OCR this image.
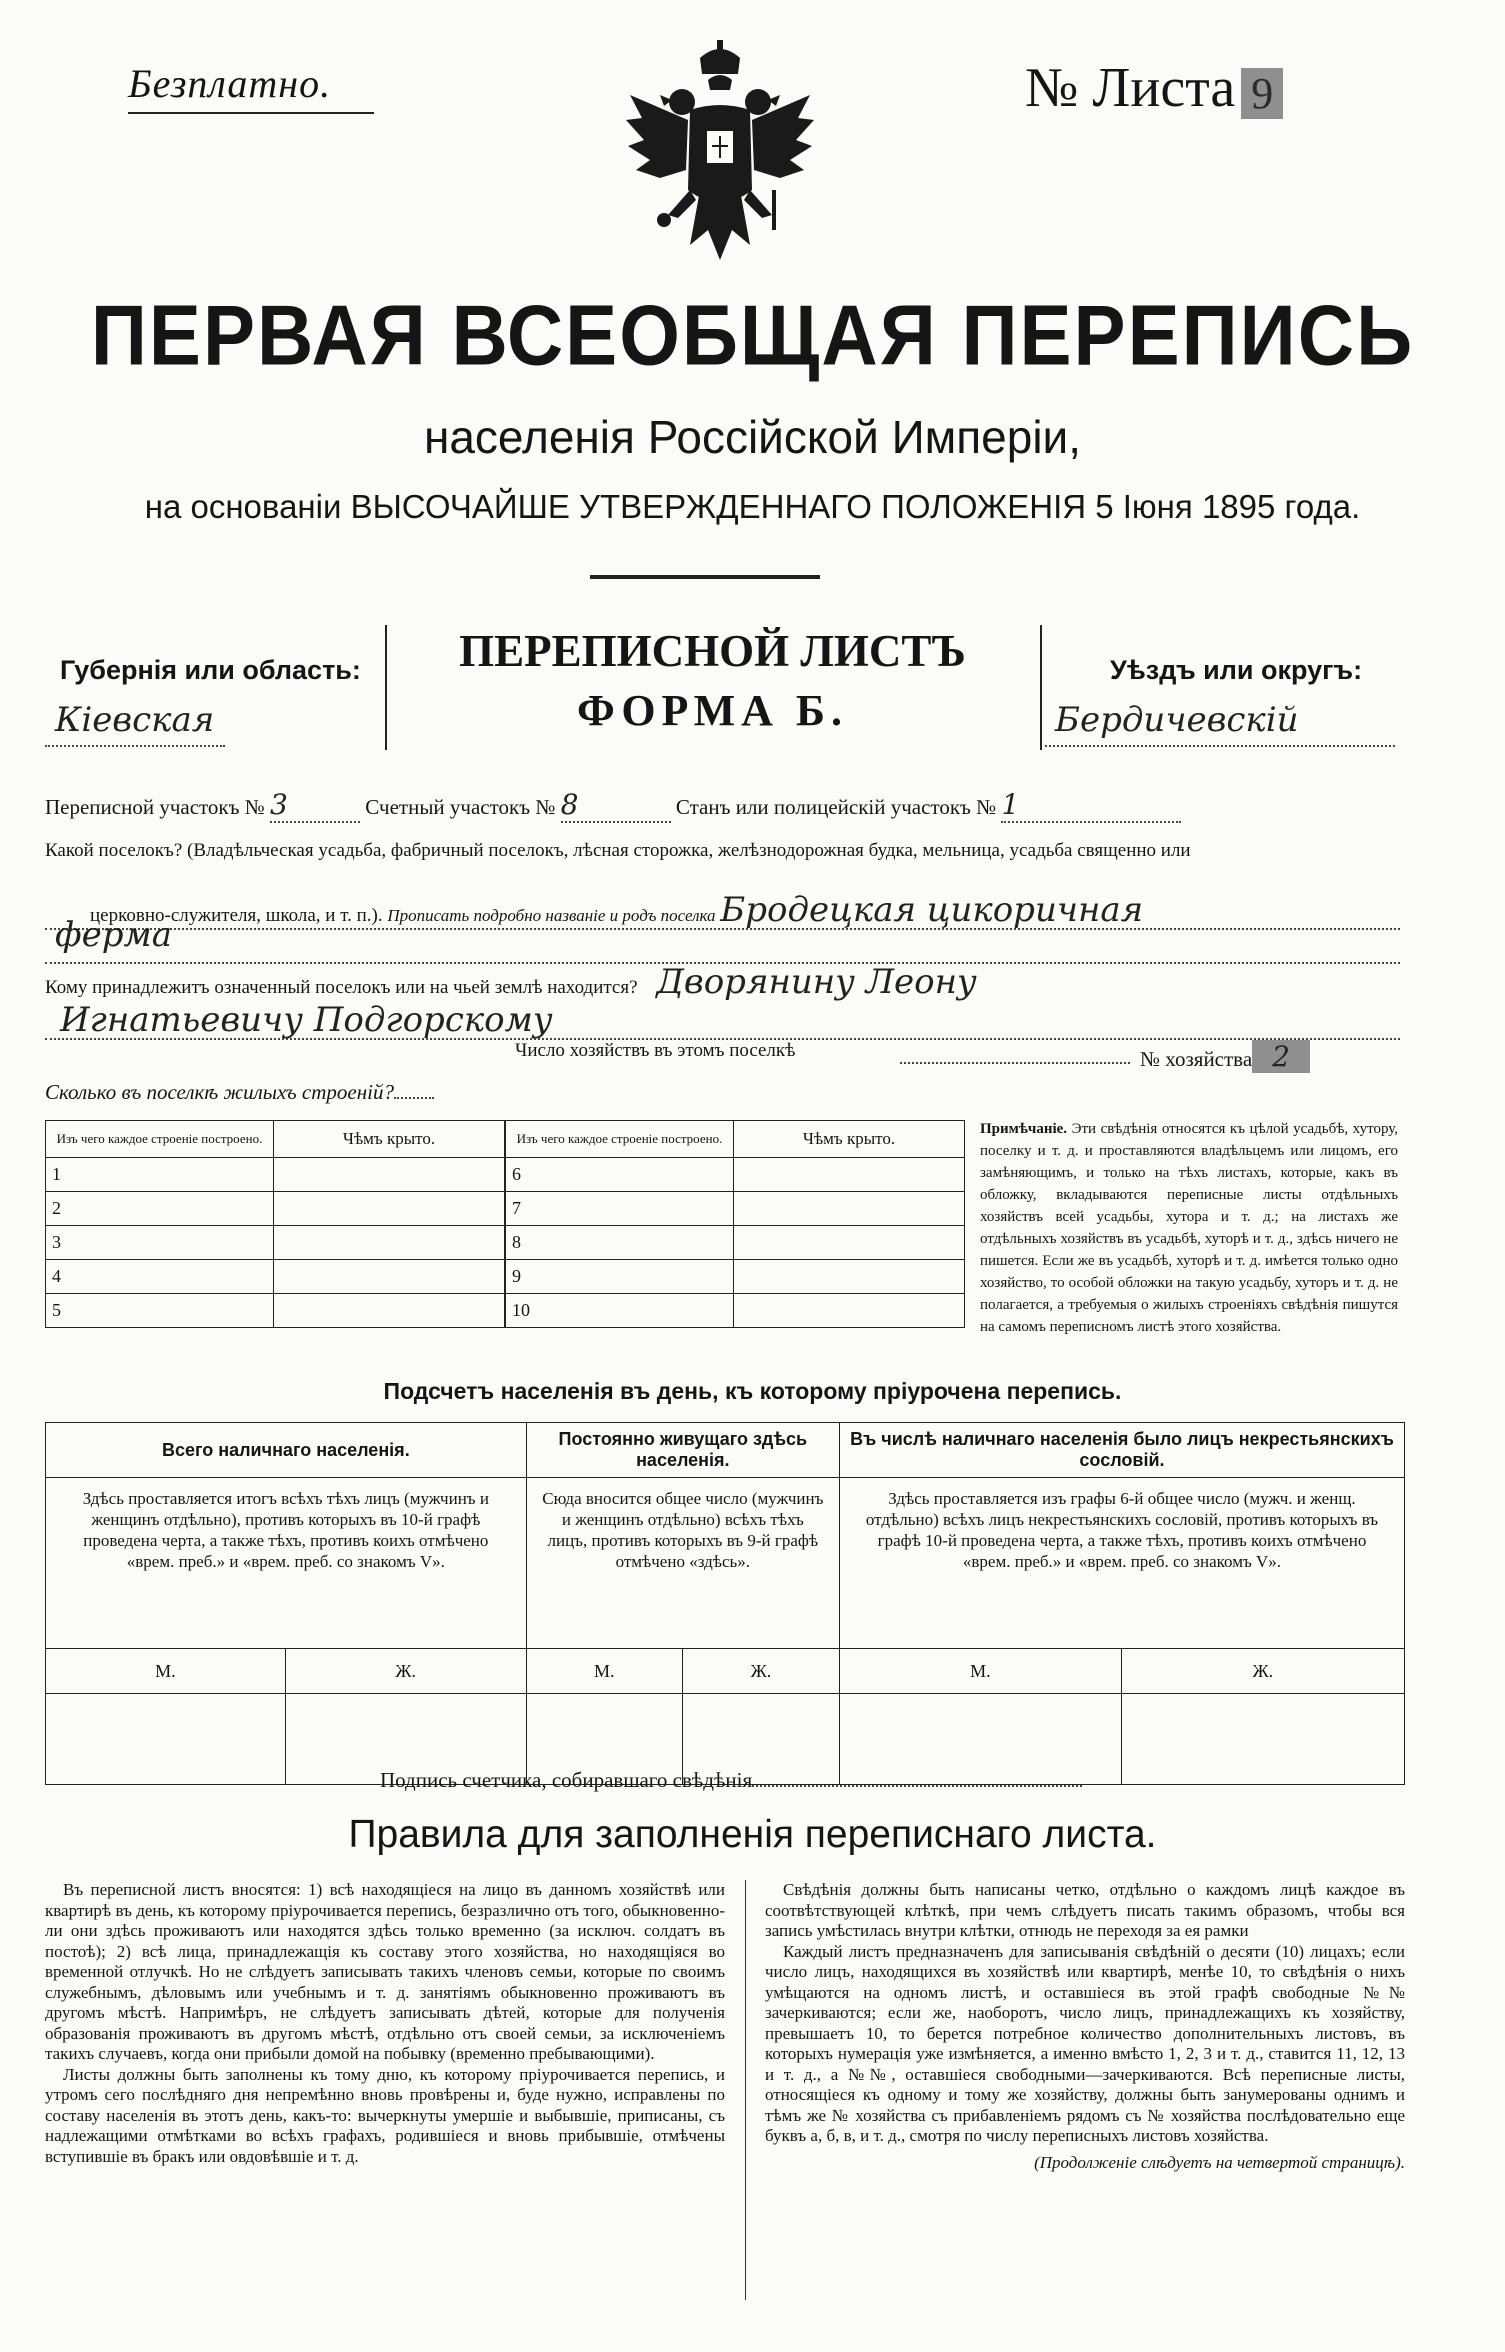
Безплатно.	№ Листа 9
ПЕРВАЯ ВСЕОБЩАЯ ПЕРЕПИСЬ
населенія Россійской Имперіи,
на основаніи ВЫСОЧАЙШЕ УТВЕРЖДЕННАГО ПОЛОЖЕНІЯ 5 Іюня 1895 года.
Губернія или область:
Кіевская
ПЕРЕПИСНОЙ ЛИСТЪ
ФОРМА Б.
Уѣздъ или округъ:
Бердичевскій
Переписной участокъ № 3	Счетный участокъ № 8	Станъ или полицейскій участокъ № 1
Какой поселокъ? (Владѣльческая усадьба, фабричный поселокъ, лѣсная сторожка, желѣзнодорожная будка, мельница, усадьба священно или
церковно-служителя, школа, и т. п.). Прописать подробно названіе и родъ поселка Бродецкая цикоричная
ферма
Кому принадлежитъ означенный поселокъ или на чьей землѣ находится? Дворянину Леону
Игнатьевичу Подгорскому
Число хозяйствъ въ этомъ поселкѣ	№ хозяйства 2
Сколько въ поселкѣ жилыхъ строеній?
Изъ чего каждое строеніе построено.	Чѣмъ крыто.
1	
2	
3	
4	
5	
Изъ чего каждое строеніе построено.	Чѣмъ крыто.
6	
7	
8	
9	
10	
Примѣчаніе. Эти свѣдѣнія относятся къ цѣлой усадьбѣ, хутору, поселку и т. д. и проставляются владѣльцемъ или лицомъ, его замѣняющимъ, и только на тѣхъ листахъ, которые, какъ въ обложку, вкладываются переписные листы отдѣльныхъ хозяйствъ всей усадьбы, хутора и т. д.; на листахъ же отдѣльныхъ хозяйствъ въ усадьбѣ, хуторѣ и т. д., здѣсь ничего не пишется. Если же въ усадьбѣ, хуторѣ и т. д. имѣется только одно хозяйство, то особой обложки на такую усадьбу, хуторъ и т. д. не полагается, а требуемыя о жилыхъ строеніяхъ свѣдѣнія пишутся на самомъ переписномъ листѣ этого хозяйства.
Подсчетъ населенія въ день, къ которому пріурочена перепись.
Всего наличнаго населенія.		Постоянно живущаго здѣсь населенія.		Въ числѣ наличнаго населенія было лицъ некрестьянскихъ сословій.	
Здѣсь проставляется итогъ всѣхъ тѣхъ лицъ (мужчинъ и женщинъ отдѣльно), противъ которыхъ въ 10-й графѣ проведена черта, а также тѣхъ, противъ коихъ отмѣчено «врем. преб.» и «врем. преб. со знакомъ V».		Сюда вносится общее число (мужчинъ и женщинъ отдѣльно) всѣхъ тѣхъ лицъ, противъ которыхъ въ 9-й графѣ отмѣчено «здѣсь».		Здѣсь проставляется изъ графы 6-й общее число (мужч. и женщ. отдѣльно) всѣхъ лицъ некрестьянскихъ сословій, противъ которыхъ въ графѣ 10-й проведена черта, а также тѣхъ, противъ коихъ отмѣчено «врем. преб.» и «врем. преб. со знакомъ V».	
М.	Ж.	М.	Ж.	М.	Ж.

Подпись счетчика, собиравшаго свѣдѣнія
Правила для заполненія переписнаго листа.

Въ переписной листъ вносятся: 1) всѣ находящіеся на лицо въ данномъ хозяйствѣ или квартирѣ въ день, къ которому пріурочивается перепись, безразлично отъ того, обыкновенно-ли они здѣсь проживаютъ или находятся здѣсь только временно (за исключ. солдатъ въ постоѣ); 2) всѣ лица, принадлежащія къ составу этого хозяйства, но находящіяся во временной отлучкѣ. Но не слѣдуетъ записывать такихъ членовъ семьи, которые по своимъ служебнымъ, дѣловымъ или учебнымъ и т. д. занятіямъ обыкновенно проживаютъ въ другомъ мѣстѣ. Напримѣръ, не слѣдуетъ записывать дѣтей, которые для полученія образованія проживаютъ въ другомъ мѣстѣ, отдѣльно отъ своей семьи, за исключеніемъ такихъ случаевъ, когда они прибыли домой на побывку (временно пребывающими).

Листы должны быть заполнены къ тому дню, къ которому пріурочивается перепись, и утромъ сего послѣдняго дня непремѣнно вновь провѣрены и, буде нужно, исправлены по составу населенія въ этотъ день, какъ-то: вычеркнуты умершіе и выбывшіе, приписаны, съ надлежащими отмѣтками во всѣхъ графахъ, родившіеся и вновь прибывшіе, отмѣчены вступившіе въ бракъ или овдовѣвшіе и т. д.

Свѣдѣнія должны быть написаны четко, отдѣльно о каждомъ лицѣ каждое въ соотвѣтствующей клѣткѣ, при чемъ слѣдуетъ писать такимъ образомъ, чтобы вся запись умѣстилась внутри клѣтки, отнюдь не переходя за ея рамки

Каждый листъ предназначенъ для записыванія свѣдѣній о десяти (10) лицахъ; если число лицъ, находящихся въ хозяйствѣ или квартирѣ, менѣе 10, то свѣдѣнія о нихъ умѣщаются на одномъ листѣ, и оставшіеся въ этой графѣ свободные №№ зачеркиваются; если же, наоборотъ, число лицъ, принадлежащихъ къ хозяйству, превышаетъ 10, то берется потребное количество дополнительныхъ листовъ, въ которыхъ нумерація уже измѣняется, а именно вмѣсто 1, 2, 3 и т. д., ставится 11, 12, 13 и т. д., а №№, оставшіеся свободными—зачеркиваются. Всѣ переписные листы, относящіеся къ одному и тому же хозяйству, должны быть занумерованы однимъ и тѣмъ же № хозяйства съ прибавленіемъ рядомъ съ № хозяйства послѣдовательно еще буквъ а, б, в, и т. д., смотря по числу переписныхъ листовъ хозяйства.

(Продолженіе слѣдуетъ на четвертой страницѣ).
